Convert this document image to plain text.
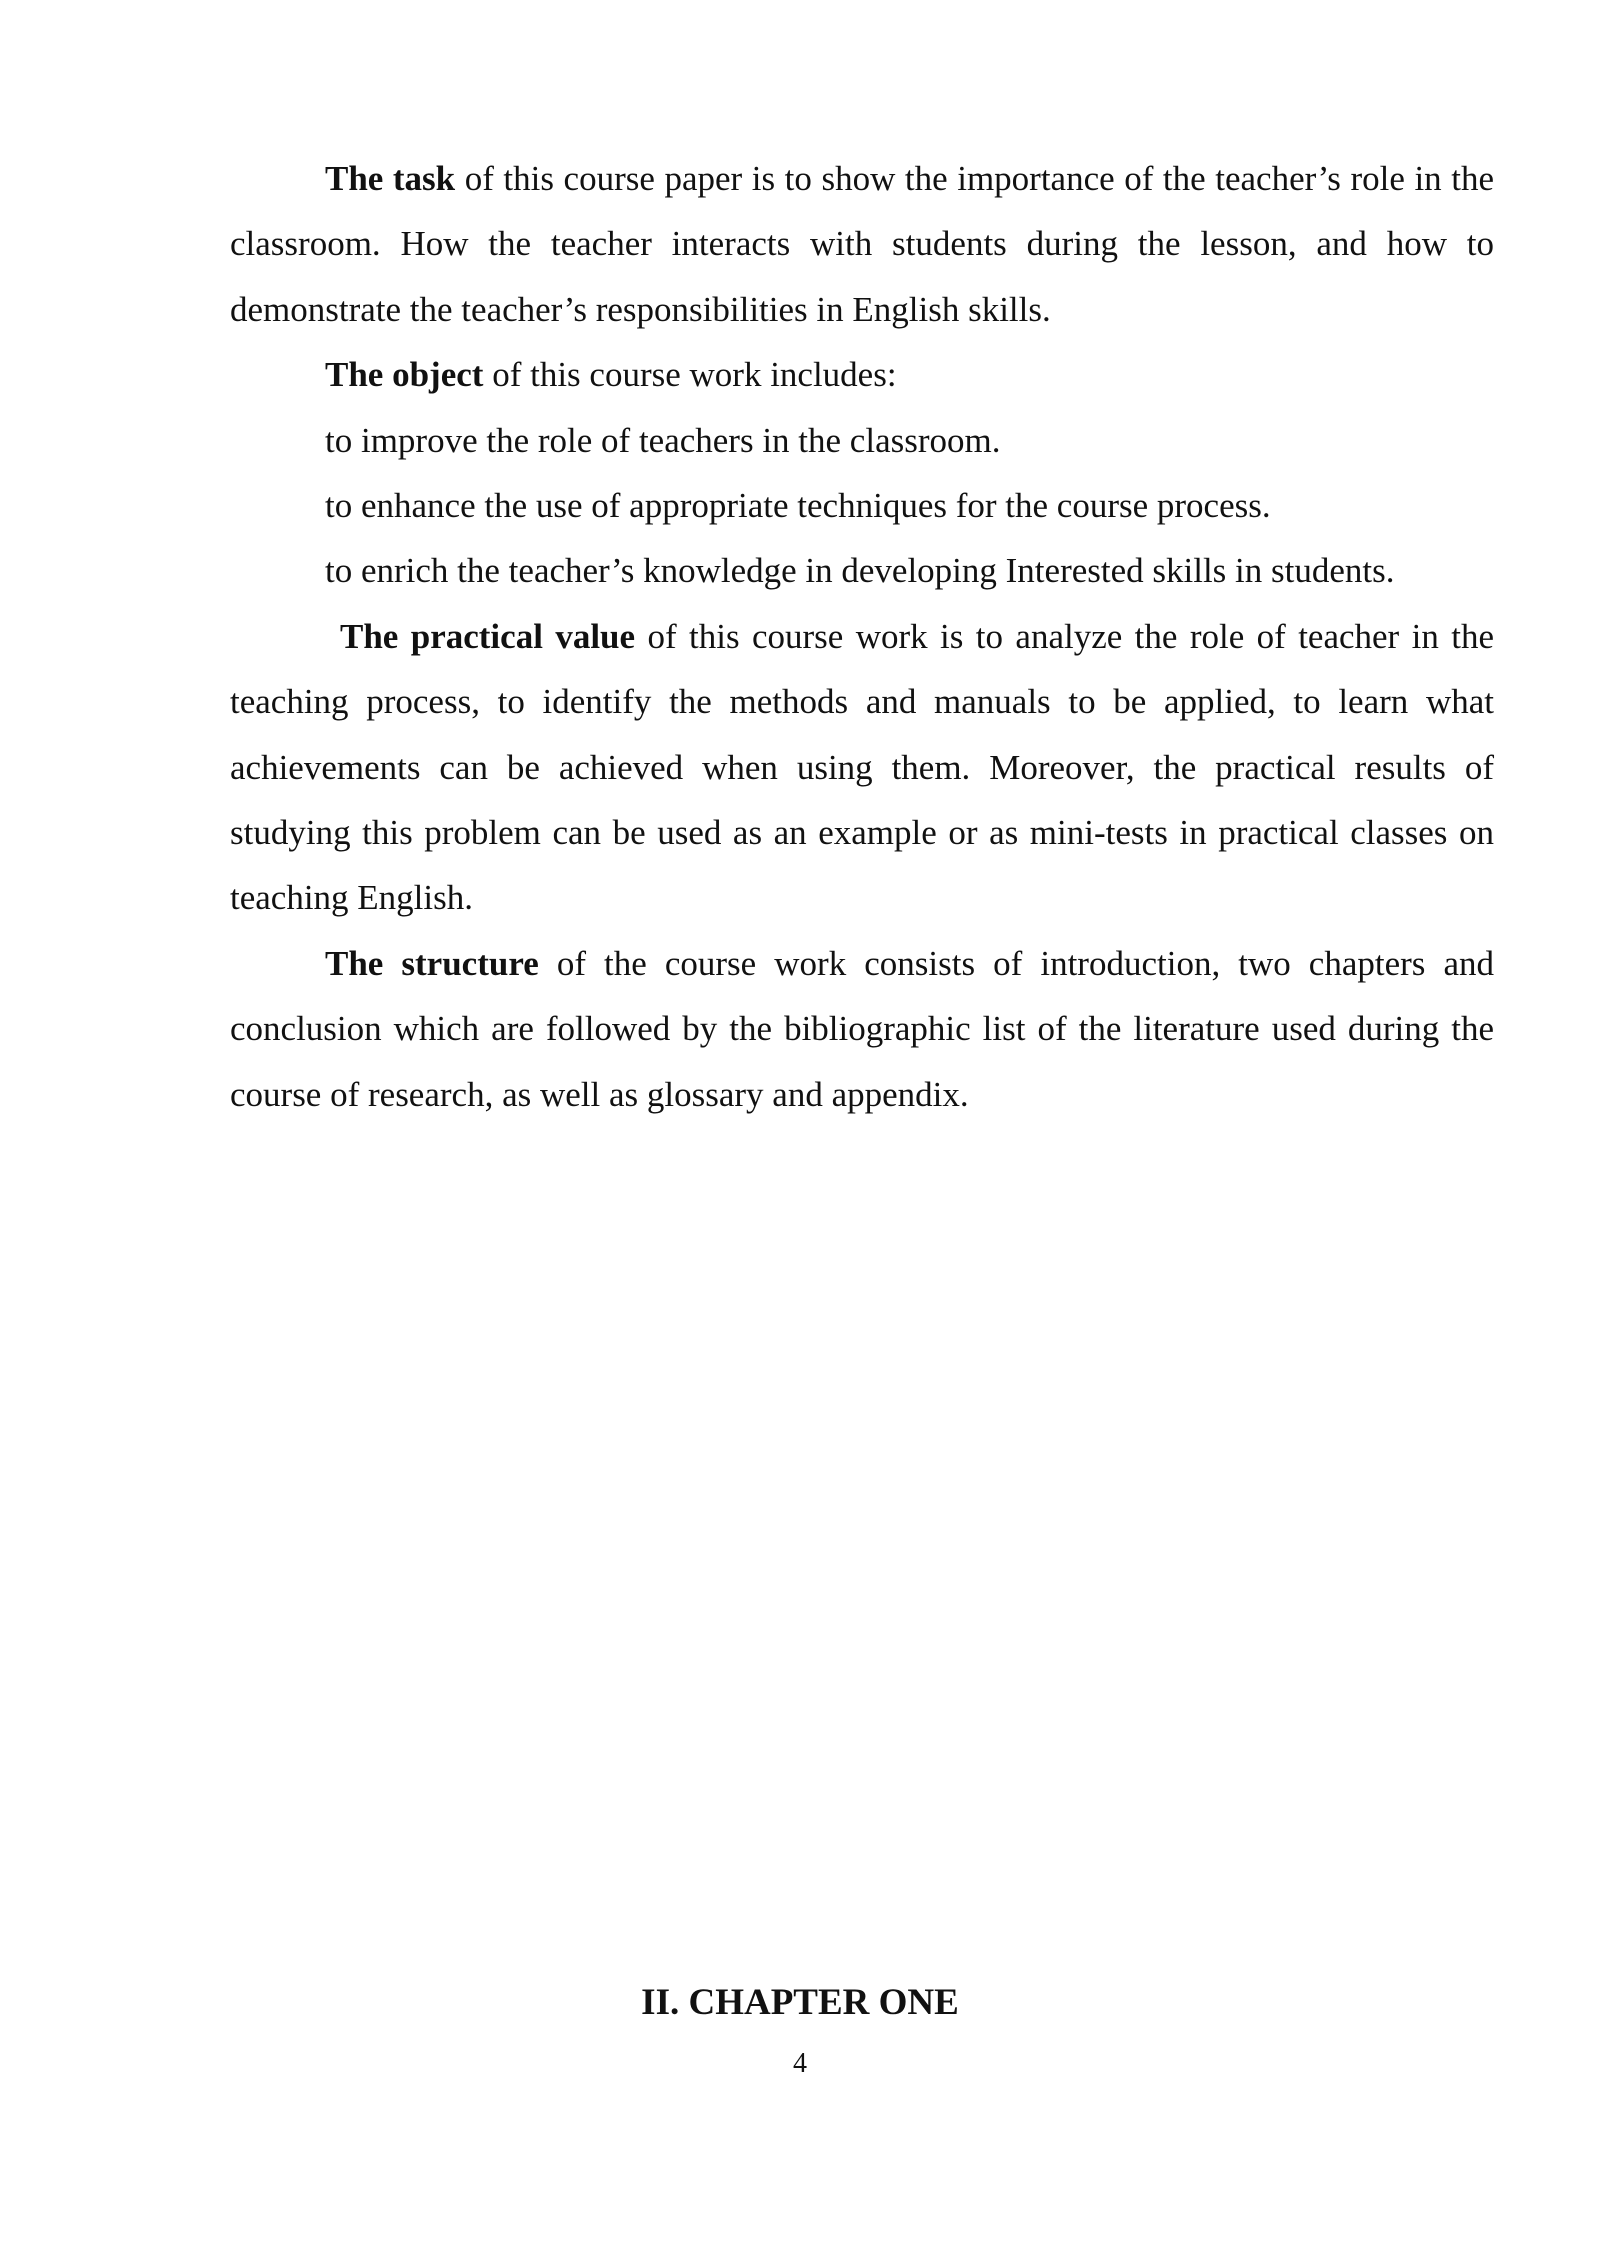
The task of this course paper is to show the importance of the teacher’s role in the classroom. How the teacher interacts with students during the lesson, and how to demonstrate the teacher’s responsibilities in English skills.

The object of this course work includes:

to improve the role of teachers in the classroom.

to enhance the use of appropriate techniques for the course process.

to enrich the teacher’s knowledge in developing Interested skills in students.

The practical value of this course work is to analyze the role of teacher in the teaching process, to identify the methods and manuals to be applied, to learn what achievements can be achieved when using them. Moreover, the practical results of studying this problem can be used as an example or as mini-tests in practical classes on teaching English.

The structure of the course work consists of introduction, two chapters and conclusion which are followed by the bibliographic list of the literature used during the course of research, as well as glossary and appendix.

II. CHAPTER ONE

4
